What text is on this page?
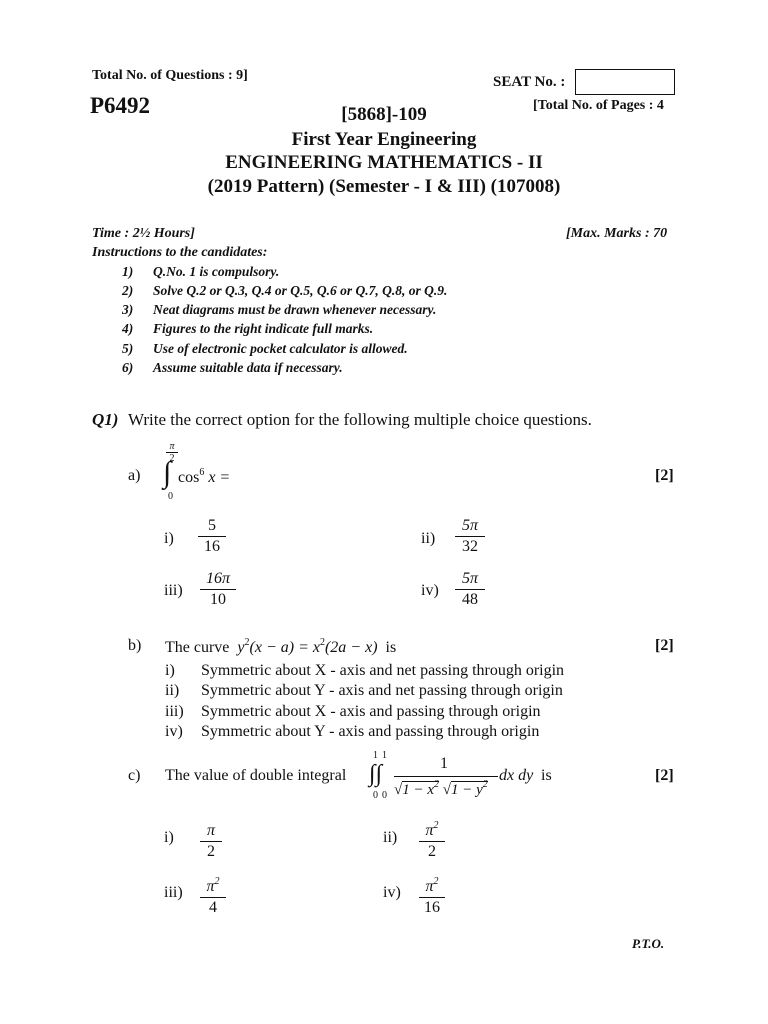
Total No. of Questions : 9]	SEAT No. :
P6492	[Total No. of Pages : 4
[5868]-109
First Year Engineering
ENGINEERING MATHEMATICS - II
(2019 Pattern) (Semester - I & III) (107008)
Time : 2½ Hours]	[Max. Marks : 70
Instructions to the candidates:
1) Q.No. 1 is compulsory.
2) Solve Q.2 or Q.3, Q.4 or Q.5, Q.6 or Q.7, Q.8, or Q.9.
3) Neat diagrams must be drawn whenever necessary.
4) Figures to the right indicate full marks.
5) Use of electronic pocket calculator is allowed.
6) Assume suitable data if necessary.
Q1) Write the correct option for the following multiple choice questions.
a)
$\frac{\pi}{2}$
∫
0
$\cos^6 x$ =	[2]
$i) \frac{5}{16}$	$ii) \frac{5\pi}{32}$
$iii) \frac{16\pi}{10}$	$iv) \frac{5\pi}{48}$
b) The curve $y^2(x - a) = x^2(2a - x)$ is	[2]
i) Symmetric about X - axis and net passing through origin
ii) Symmetric about Y - axis and net passing through origin
iii) Symmetric about X - axis and passing through origin
iv) Symmetric about Y - axis and passing through origin
c) The value of double integral
1 1
∫∫
0 0
1
$√1 - x^2$ $√1 - y^2$
dx dy is	[2]
$i) \frac{\pi}{2}$	$ii) \frac{\pi^2}{2}$
$iii) \frac{\pi^2}{4}$	$iv) \frac{\pi^2}{16}$
P.T.O.
